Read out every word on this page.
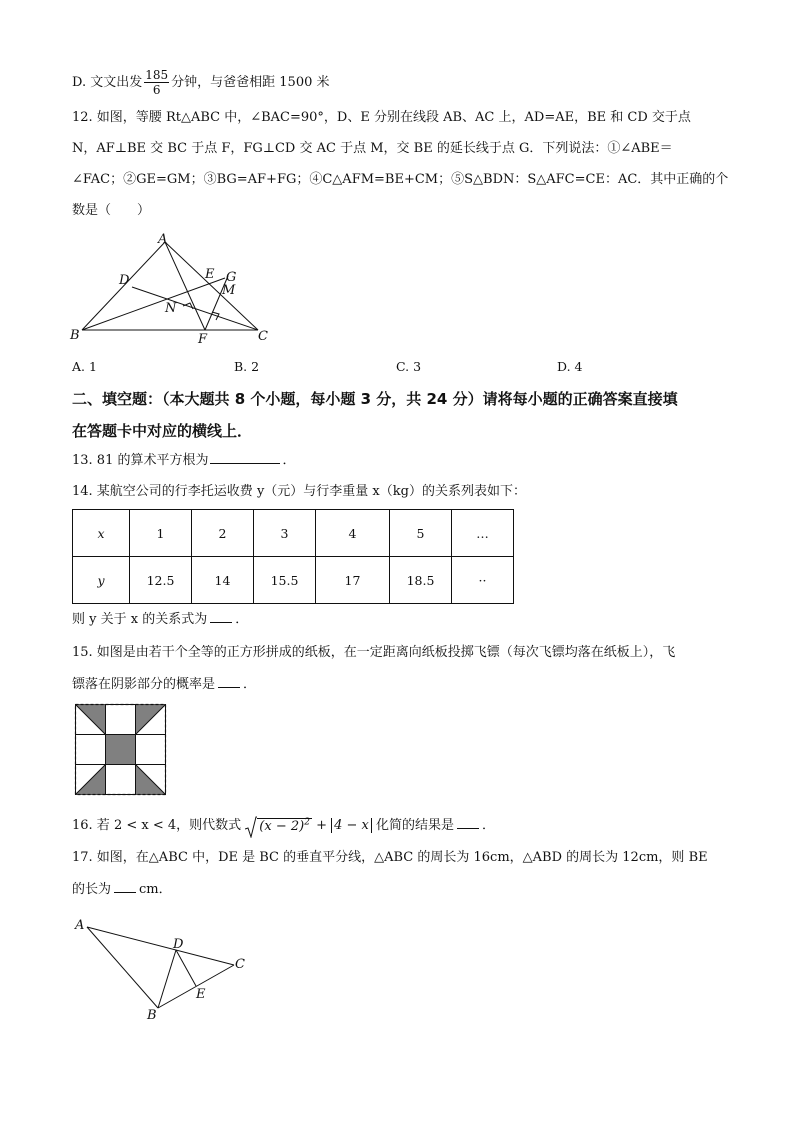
D. 文文出发 $\frac{185}{6}$ 分钟，与爸爸相距 1500 米
12. 如图，等腰 Rt△ABC 中，∠BAC=90°，D、E 分别在线段 AB、AC 上，AD=AE，BE 和 CD 交于点
N，AF⊥BE 交 BC 于点 F，FG⊥CD 交 AC 于点 M，交 BE 的延长线于点 G．下列说法：①∠ABE＝
∠FAC；②GE=GM；③BG=AF+FG；④C△AFM=BE+CM；⑤S△BDN：S△AFC=CE：AC．其中正确的个
数是（　　）
A
D	E G
M
N
B	F	C
A. 1	B. 2	C. 3	D. 4
二、填空题：（本大题共 8 个小题，每小题 3 分，共 24 分）请将每小题的正确答案直接填
在答题卡中对应的横线上．
13. 81 的算术平方根为	．
14. 某航空公司的行李托运收费 y（元）与行李重量 x（kg）的关系列表如下：
x	1	2	3	4	5	…
y	12.5	14	15.5	17	18.5	··
则 y 关于 x 的关系式为 ．
15. 如图是由若干个全等的正方形拼成的纸板，在一定距离向纸板投掷飞镖（每次飞镖均落在纸板上），飞
镖落在阴影部分的概率是 ．
16. 若 2 < x < 4，则代数式 $(x - 2)^2 + 4 - x$ 化简的结果是 ．
17. 如图，在△ABC 中，DE 是 BC 的垂直平分线，△ABC 的周长为 16cm，△ABD 的周长为 12cm，则 BE
的长为 cm．
A
D
C
E
B
